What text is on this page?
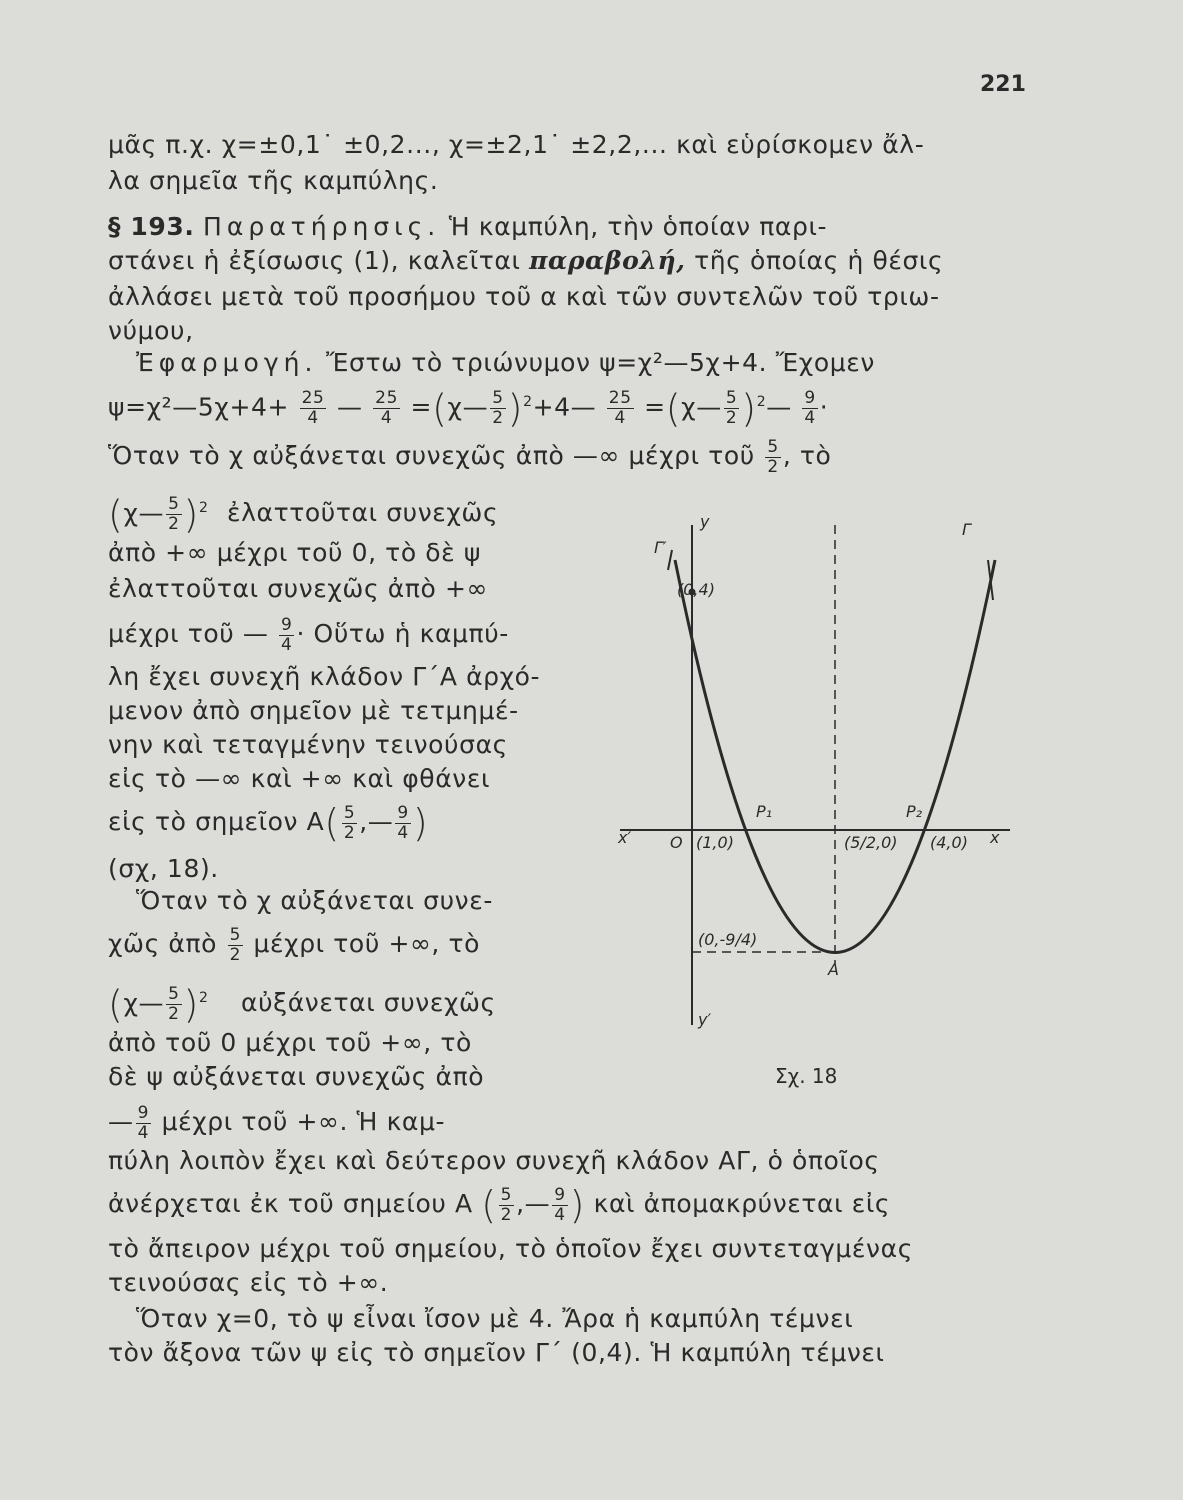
221
μᾶς π.χ. χ=±0,1˙ ±0,2..., χ=±2,1˙ ±2,2,... καὶ εὑρίσκομεν ἄλ-
λα σημεῖα τῆς καμπύλης.
§ 193. Παρατήρησις. Ἡ καμπύλη, τὴν ὁποίαν παρι-
στάνει ἡ ἐξίσωσις (1), καλεῖται παραβολή, τῆς ὁποίας ἡ θέσις
ἀλλάσει μετὰ τοῦ προσήμου τοῦ α καὶ τῶν συντελῶν τοῦ τριω-
νύμου,
Ἐφαρμογή. Ἔστω τὸ τριώνυμον ψ=χ²—5χ+4. Ἔχομεν
ψ=χ²—5χ+4+ $\frac{25}{4}$ — $\frac{25}{4}$ =(χ— $\frac{5}{2}$ )$^2$+4— $\frac{25}{4}$ =(χ— $\frac{5}{2}$ )$^2$— $\frac{9}{4}$ ·
Ὅταν τὸ χ αὐξάνεται συνεχῶς ἀπὸ —∞ μέχρι τοῦ $\frac{5}{2}$ , τὸ
(χ— $\frac{5}{2} )^2$ ἐλαττοῦται συνεχῶς
ἀπὸ +∞ μέχρι τοῦ 0, τὸ δὲ ψ
ἐλαττοῦται συνεχῶς ἀπὸ +∞
μέχρι τοῦ — $\frac{9}{4}$ · Οὕτω ἡ καμπύ-
λη ἔχει συνεχῆ κλάδον Γ΄Α ἀρχό-
μενον ἀπὸ σημεῖον μὲ τετμημέ-
νην καὶ τεταγμένην τεινούσας
εἰς τὸ —∞ καὶ +∞ καὶ φθάνει
εἰς τὸ σημεῖον $A( \frac{5}{2}$ ,— $\frac{9}{4}$ )
(σχ, 18).
Ὅταν τὸ χ αὐξάνεται συνε-
χῶς ἀπὸ $\frac{5}{2}$ μέχρι τοῦ +∞, τὸ
(χ— $\frac{5}{2} )^2$ αὐξάνεται συνεχῶς
ἀπὸ τοῦ 0 μέχρι τοῦ +∞, τὸ
δὲ ψ αὐξάνεται συνεχῶς ἀπὸ
— $\frac{9}{4}$ μέχρι τοῦ +∞. Ἡ καμ-
πύλη λοιπὸν ἔχει καὶ δεύτερον συνεχῆ κλάδον ΑΓ, ὁ ὁποῖος
ἀνέρχεται ἐκ τοῦ σημείου Α ( $\frac{5}{2}$ ,— $\frac{9}{4}$ ) καὶ ἀπομακρύνεται εἰς
τὸ ἄπειρον μέχρι τοῦ σημείου, τὸ ὁποῖον ἔχει συντεταγμένας
τεινούσας εἰς τὸ +∞.
Ὅταν χ=0, τὸ ψ εἶναι ἴσον μὲ 4. Ἄρα ἡ καμπύλη τέμνει
τὸν ἄξονα τῶν ψ εἰς τὸ σημεῖον Γ΄ (0,4). Ἡ καμπύλη τέμνει
y
y′
x
x′ O
Γ′
Γ
(0,4)
P₁	P₂
(1,0)	(5/2,0) (4,0)
(0,-9/4)
A
Σχ. 18
